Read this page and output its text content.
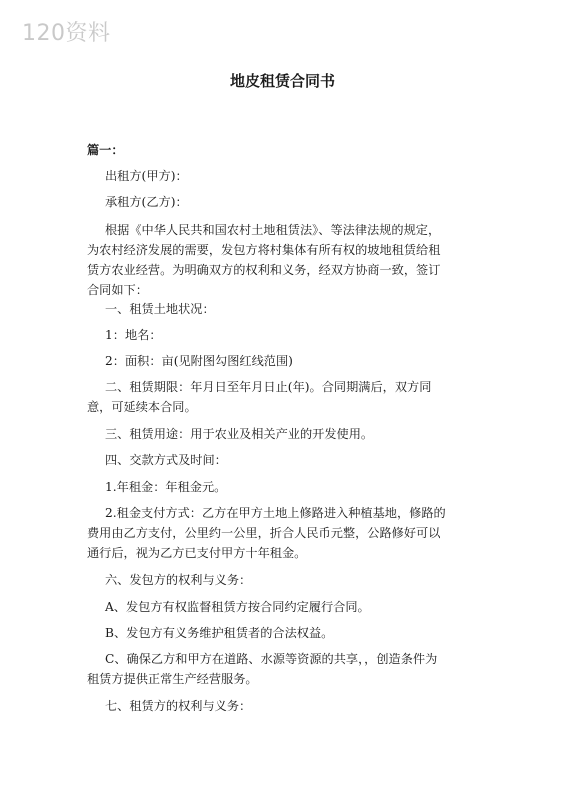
120资料
地皮租赁合同书
篇一：
出租方(甲方)：
承租方(乙方)：
根据《中华人民共和国农村土地租赁法》、等法律法规的规定，
为农村经济发展的需要，发包方将村集体有所有权的坡地租赁给租
赁方农业经营。为明确双方的权利和义务，经双方协商一致，签订
合同如下：
一、租赁土地状况：
1：地名：
2：面积：亩(见附图勾图红线范围)
二、租赁期限：年月日至年月日止(年)。合同期满后，双方同
意，可延续本合同。
三、租赁用途：用于农业及相关产业的开发使用。
四、交款方式及时间：
1.年租金：年租金元。
2.租金支付方式：乙方在甲方土地上修路进入种植基地，修路的
费用由乙方支付，公里约一公里，折合人民币元整，公路修好可以
通行后，视为乙方已支付甲方十年租金。
六、发包方的权利与义务：
A、发包方有权监督租赁方按合同约定履行合同。
B、发包方有义务维护租赁者的合法权益。
C、确保乙方和甲方在道路、水源等资源的共享，，创造条件为
租赁方提供正常生产经营服务。
七、租赁方的权利与义务：
